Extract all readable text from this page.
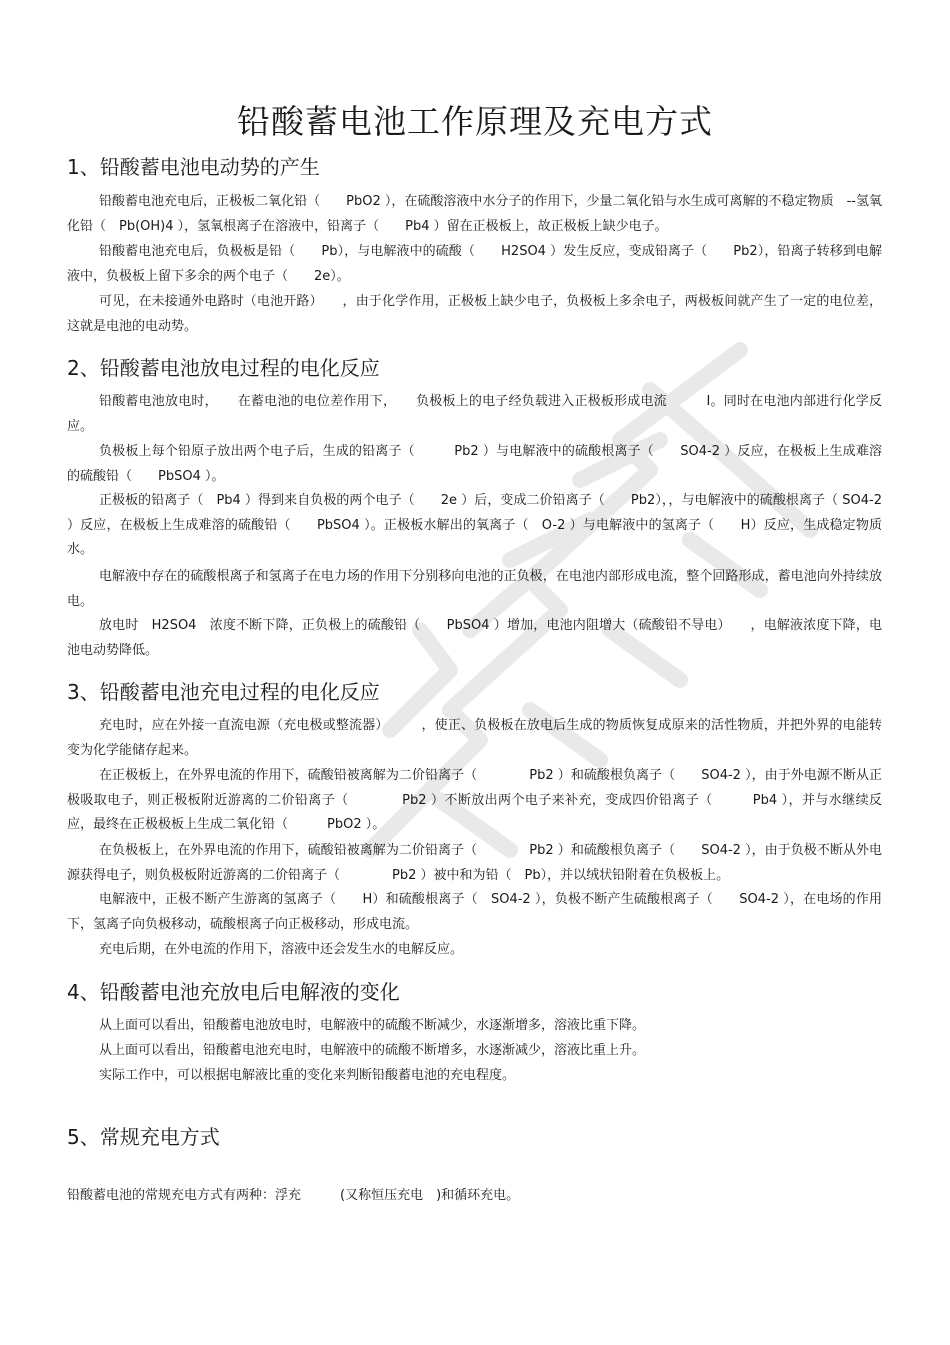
铅酸蓄电池工作原理及充电方式
1、铅酸蓄电池电动势的产生

铅酸蓄电池充电后，正极板二氧化铅（　　PbO2 ），在硫酸溶液中水分子的作用下，少量二氧化铅与水生成可离解的不稳定物质　--氢氧化铅（　Pb(OH)4 ），氢氧根离子在溶液中，铅离子（　　Pb4 ）留在正极板上，故正极板上缺少电子。

铅酸蓄电池充电后，负极板是铅（　　Pb），与电解液中的硫酸（　　H2SO4 ）发生反应，变成铅离子（　　Pb2），铅离子转移到电解液中，负极板上留下多余的两个电子（　　2e）。

可见，在未接通外电路时（电池开路）　　，由于化学作用，正极板上缺少电子，负极板上多余电子，两极板间就产生了一定的电位差，这就是电池的电动势。

2、铅酸蓄电池放电过程的电化反应

铅酸蓄电池放电时，　　在蓄电池的电位差作用下，　　负极板上的电子经负载进入正极板形成电流　　　I。同时在电池内部进行化学反应。

负极板上每个铅原子放出两个电子后，生成的铅离子（　　　Pb2 ）与电解液中的硫酸根离子（　　SO4-2 ）反应，在极板上生成难溶的硫酸铅（　　PbSO4 ）。

正极板的铅离子（　Pb4 ）得到来自负极的两个电子（　　2e ）后，变成二价铅离子（　　Pb2），，与电解液中的硫酸根离子（ SO4-2 ）反应，在极板上生成难溶的硫酸铅（　　PbSO4 ）。正极板水解出的氧离子（　O-2 ）与电解液中的氢离子（　　H）反应，生成稳定物质水。

电解液中存在的硫酸根离子和氢离子在电力场的作用下分别移向电池的正负极，在电池内部形成电流，整个回路形成，蓄电池向外持续放电。

放电时　H2SO4　浓度不断下降，正负极上的硫酸铅（　　PbSO4 ）增加，电池内阻增大（硫酸铅不导电）　　，电解液浓度下降，电池电动势降低。

3、铅酸蓄电池充电过程的电化反应

充电时，应在外接一直流电源（充电极或整流器）　　　，使正、负极板在放电后生成的物质恢复成原来的活性物质，并把外界的电能转变为化学能储存起来。

在正极板上，在外界电流的作用下，硫酸铅被离解为二价铅离子（　　　　Pb2 ）和硫酸根负离子（　　SO4-2 ），由于外电源不断从正极吸取电子，则正极板附近游离的二价铅离子（　　　　Pb2 ）不断放出两个电子来补充，变成四价铅离子（　　　Pb4 ），并与水继续反应，最终在正极极板上生成二氧化铅（　　　PbO2 ）。

在负极板上，在外界电流的作用下，硫酸铅被离解为二价铅离子（　　　　Pb2 ）和硫酸根负离子（　　SO4-2 ），由于负极不断从外电源获得电子，则负极板附近游离的二价铅离子（　　　　Pb2 ）被中和为铅（　Pb），并以绒状铅附着在负极板上。

电解液中，正极不断产生游离的氢离子（　　H）和硫酸根离子（　SO4-2 ），负极不断产生硫酸根离子（　　SO4-2 ），在电场的作用下，氢离子向负极移动，硫酸根离子向正极移动，形成电流。

充电后期，在外电流的作用下，溶液中还会发生水的电解反应。

4、铅酸蓄电池充放电后电解液的变化

从上面可以看出，铅酸蓄电池放电时，电解液中的硫酸不断减少，水逐渐增多，溶液比重下降。

从上面可以看出，铅酸蓄电池充电时，电解液中的硫酸不断增多，水逐渐减少，溶液比重上升。

实际工作中，可以根据电解液比重的变化来判断铅酸蓄电池的充电程度。

5、常规充电方式

铅酸蓄电池的常规充电方式有两种：浮充　　　(又称恒压充电　)和循环充电。
